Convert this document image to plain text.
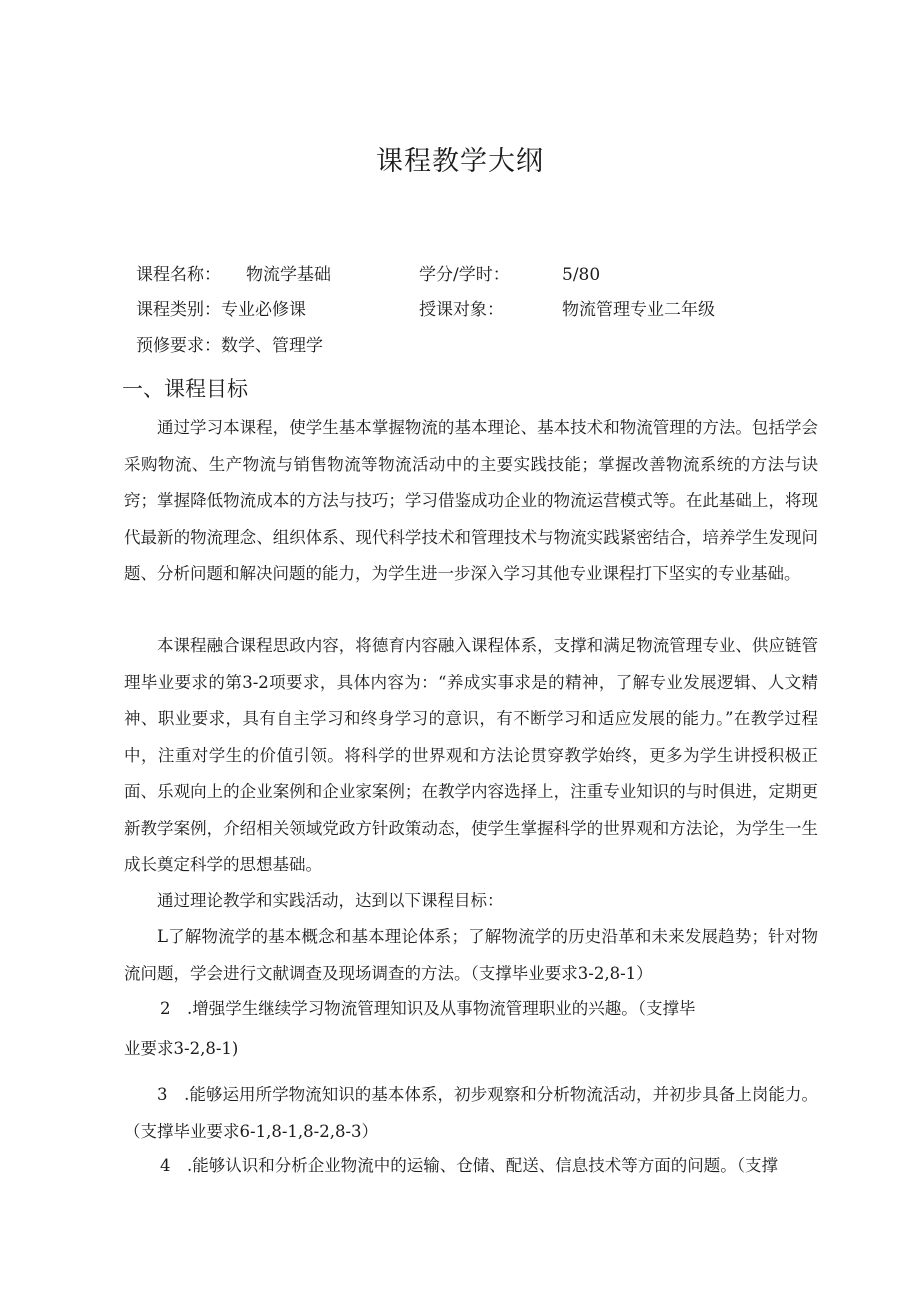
课程教学大纲
课程名称： 物流学基础	学分/学时：	5/80
课程类别： 专业必修课	授课对象：	物流管理专业二年级
预修要求： 数学、管理学
一、课程目标
通过学习本课程，使学生基本掌握物流的基本理论、基本技术和物流管理的方法。包括学会采购物流、生产物流与销售物流等物流活动中的主要实践技能；掌握改善物流系统的方法与诀窍；掌握降低物流成本的方法与技巧；学习借鉴成功企业的物流运营模式等。在此基础上，将现代最新的物流理念、组织体系、现代科学技术和管理技术与物流实践紧密结合，培养学生发现问题、分析问题和解决问题的能力，为学生进一步深入学习其他专业课程打下坚实的专业基础。
本课程融合课程思政内容，将德育内容融入课程体系，支撑和满足物流管理专业、供应链管理毕业要求的第3-2项要求，具体内容为：“养成实事求是的精神，了解专业发展逻辑、人文精神、职业要求，具有自主学习和终身学习的意识，有不断学习和适应发展的能力。”在教学过程中，注重对学生的价值引领。将科学的世界观和方法论贯穿教学始终，更多为学生讲授积极正面、乐观向上的企业案例和企业家案例；在教学内容选择上，注重专业知识的与时俱进，定期更新教学案例，介绍相关领域党政方针政策动态，使学生掌握科学的世界观和方法论，为学生一生成长奠定科学的思想基础。
通过理论教学和实践活动，达到以下课程目标：
L了解物流学的基本概念和基本理论体系；了解物流学的历史沿革和未来发展趋势；针对物流问题，学会进行文献调查及现场调查的方法。（支撑毕业要求3-2,8-1）
2　.增强学生继续学习物流管理知识及从事物流管理职业的兴趣。（支撑毕
业要求3-2,8-1)
3　.能够运用所学物流知识的基本体系，初步观察和分析物流活动，并初步具备上岗能力。（支撑毕业要求6-1,8-1,8-2,8-3）
4　.能够认识和分析企业物流中的运输、仓储、配送、信息技术等方面的问题。（支撑
